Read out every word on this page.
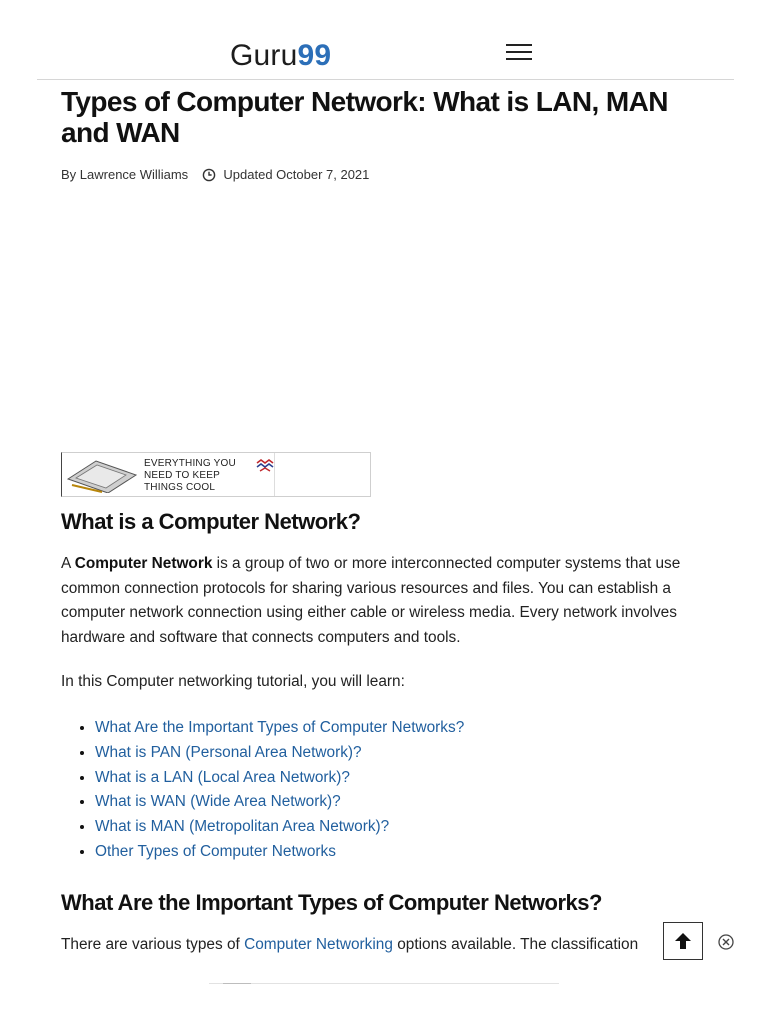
Guru99
Types of Computer Network: What is LAN, MAN and WAN
By Lawrence Williams	Updated October 7, 2021
EVERYTHING YOU
NEED TO KEEP
THINGS COOL
What is a Computer Network?

A Computer Network is a group of two or more interconnected computer systems that use common connection protocols for sharing various resources and files. You can establish a computer network connection using either cable or wireless media. Every network involves hardware and software that connects computers and tools.

In this Computer networking tutorial, you will learn:

• What Are the Important Types of Computer Networks?
• What is PAN (Personal Area Network)?
• What is a LAN (Local Area Network)?
• What is WAN (Wide Area Network)?
• What is MAN (Metropolitan Area Network)?
• Other Types of Computer Networks
What Are the Important Types of Computer Networks?

There are various types of Computer Networking options available. The classification
